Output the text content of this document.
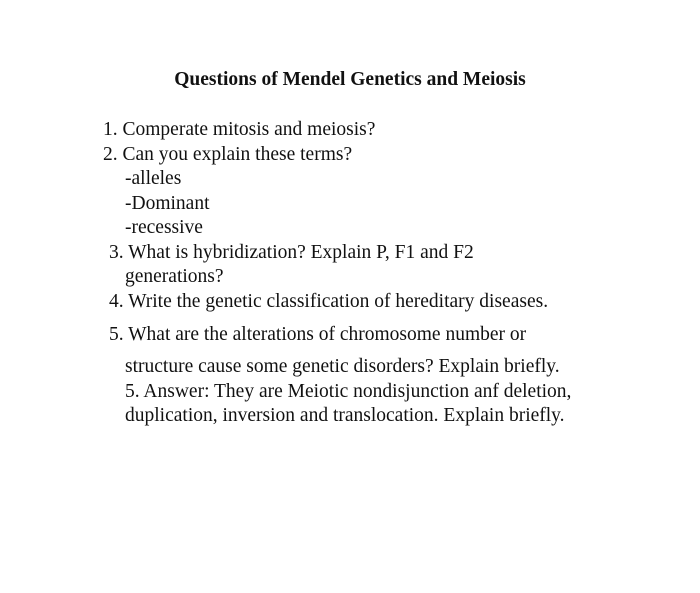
Questions of Mendel Genetics and Meiosis
1. Comperate mitosis and meiosis?
2. Can you explain these terms?
-alleles
-Dominant
-recessive
3. What is hybridization? Explain P, F1 and F2
generations?
4. Write the genetic classification of hereditary diseases.
5. What are the alterations of chromosome number or
structure cause some genetic disorders? Explain briefly.
5. Answer: They are Meiotic nondisjunction anf deletion,
duplication, inversion and translocation. Explain briefly.
